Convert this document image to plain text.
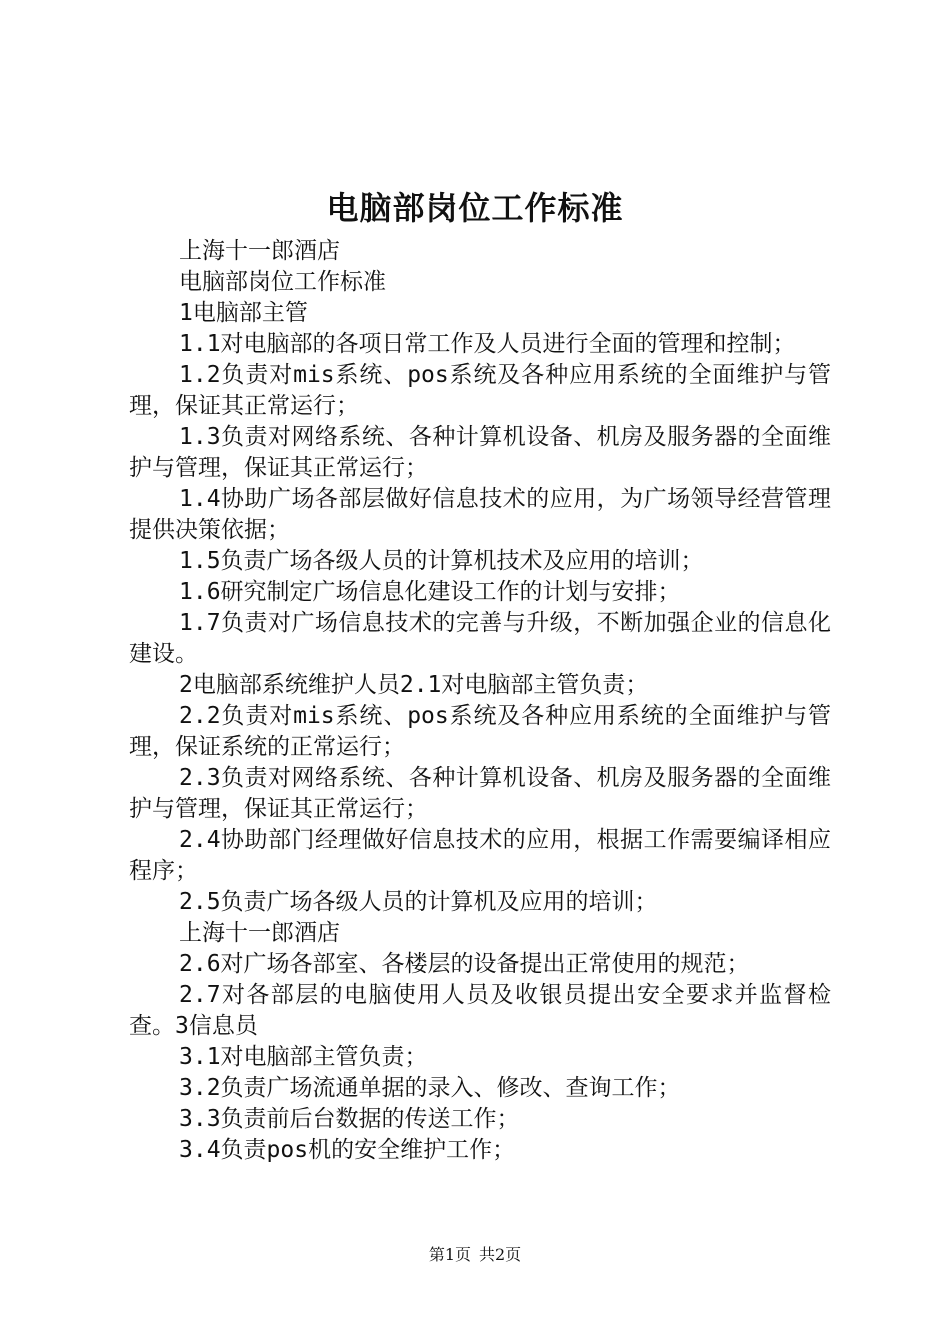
电脑部岗位工作标准

上海十一郎酒店

电脑部岗位工作标准

1电脑部主管

1.1对电脑部的各项日常工作及人员进行全面的管理和控制；

1.2负责对mis系统、pos系统及各种应用系统的全面维护与管理，保证其正常运行；

1.3负责对网络系统、各种计算机设备、机房及服务器的全面维护与管理，保证其正常运行；

1.4协助广场各部层做好信息技术的应用，为广场领导经营管理提供决策依据；

1.5负责广场各级人员的计算机技术及应用的培训；

1.6研究制定广场信息化建设工作的计划与安排；

1.7负责对广场信息技术的完善与升级，不断加强企业的信息化建设。

2电脑部系统维护人员2.1对电脑部主管负责；

2.2负责对mis系统、pos系统及各种应用系统的全面维护与管理，保证系统的正常运行；

2.3负责对网络系统、各种计算机设备、机房及服务器的全面维护与管理，保证其正常运行；

2.4协助部门经理做好信息技术的应用，根据工作需要编译相应程序；

2.5负责广场各级人员的计算机及应用的培训；

上海十一郎酒店

2.6对广场各部室、各楼层的设备提出正常使用的规范；

2.7对各部层的电脑使用人员及收银员提出安全要求并监督检查。3信息员

3.1对电脑部主管负责；

3.2负责广场流通单据的录入、修改、查询工作；

3.3负责前后台数据的传送工作；

3.4负责pos机的安全维护工作；

第1页 共2页
